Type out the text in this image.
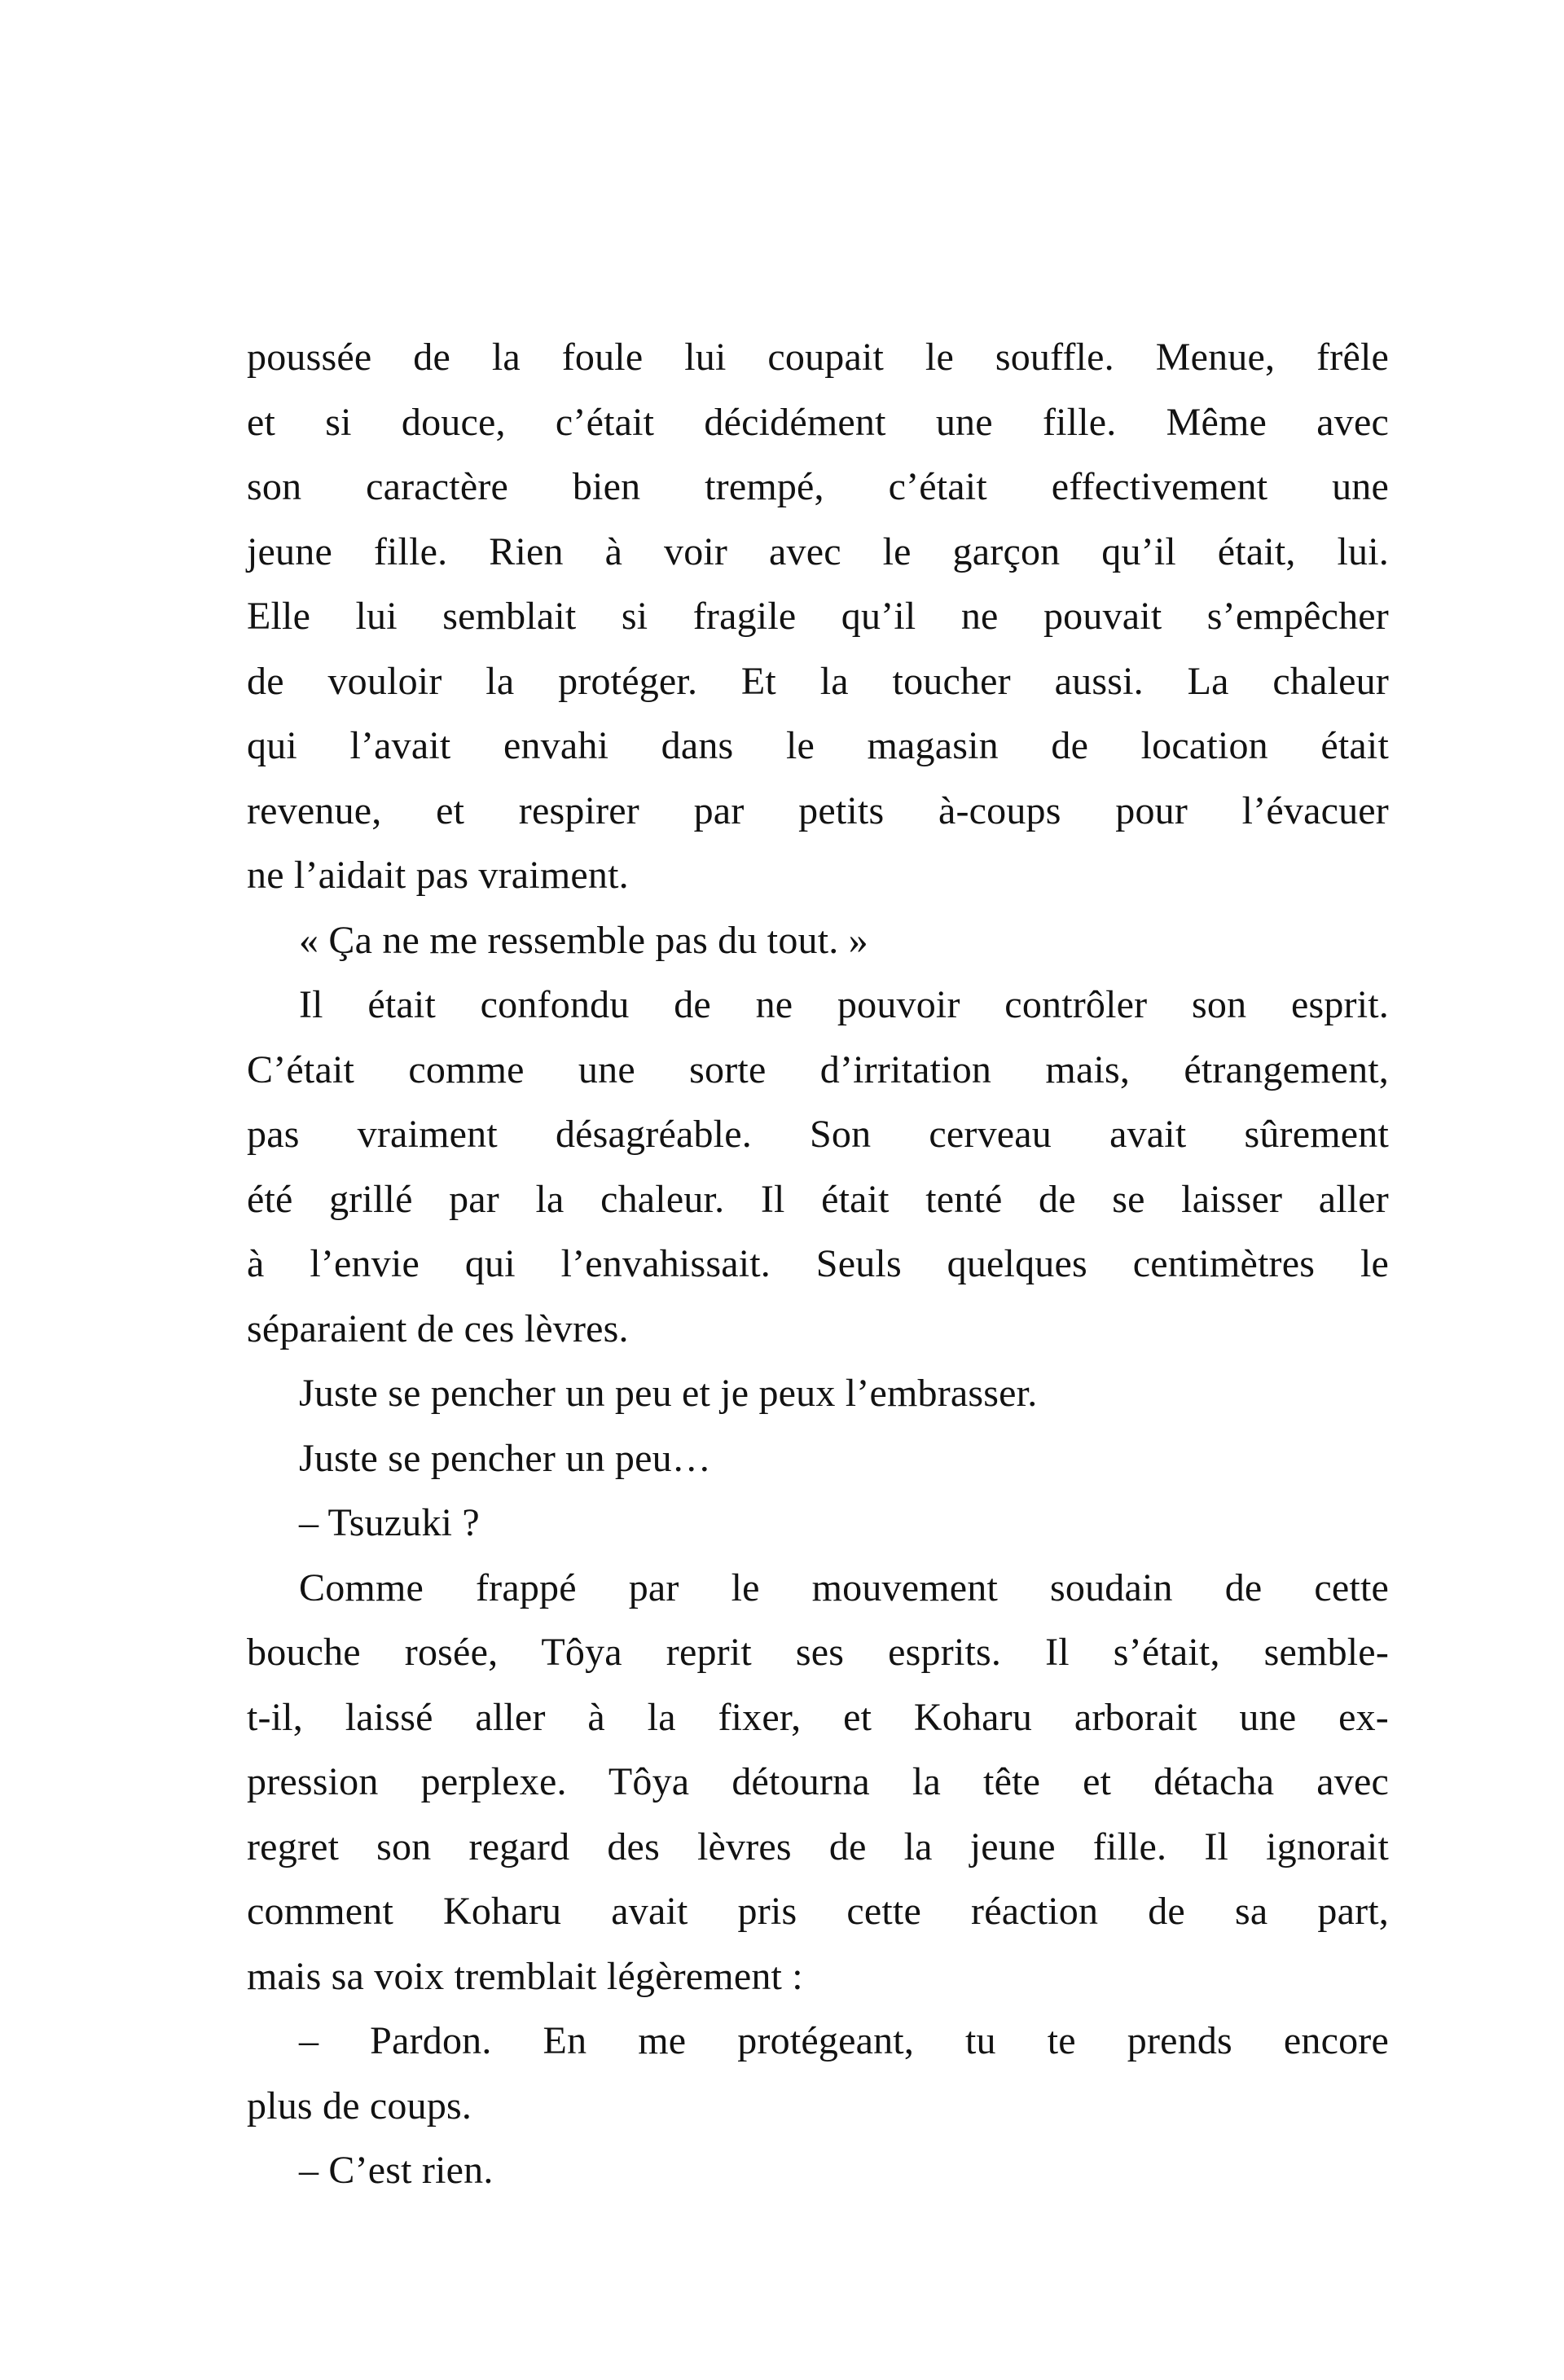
poussée de la foule lui coupait le souffle. Menue, frêle
et si douce, c’était décidément une fille. Même avec
son caractère bien trempé, c’était effectivement une
jeune fille. Rien à voir avec le garçon qu’il était, lui.
Elle lui semblait si fragile qu’il ne pouvait s’empêcher
de vouloir la protéger. Et la toucher aussi. La chaleur
qui l’avait envahi dans le magasin de location était
revenue, et respirer par petits à-coups pour l’évacuer
ne l’aidait pas vraiment.
« Ça ne me ressemble pas du tout. »
Il était confondu de ne pouvoir contrôler son esprit.
C’était comme une sorte d’irritation mais, étrangement,
pas vraiment désagréable. Son cerveau avait sûrement
été grillé par la chaleur. Il était tenté de se laisser aller
à l’envie qui l’envahissait. Seuls quelques centimètres le
séparaient de ces lèvres.
Juste se pencher un peu et je peux l’embrasser.
Juste se pencher un peu…
– Tsuzuki ?
Comme frappé par le mouvement soudain de cette
bouche rosée, Tôya reprit ses esprits. Il s’était, semble-
t-il, laissé aller à la fixer, et Koharu arborait une ex-
pression perplexe. Tôya détourna la tête et détacha avec
regret son regard des lèvres de la jeune fille. Il ignorait
comment Koharu avait pris cette réaction de sa part,
mais sa voix tremblait légèrement :
– Pardon. En me protégeant, tu te prends encore
plus de coups.
– C’est rien.
